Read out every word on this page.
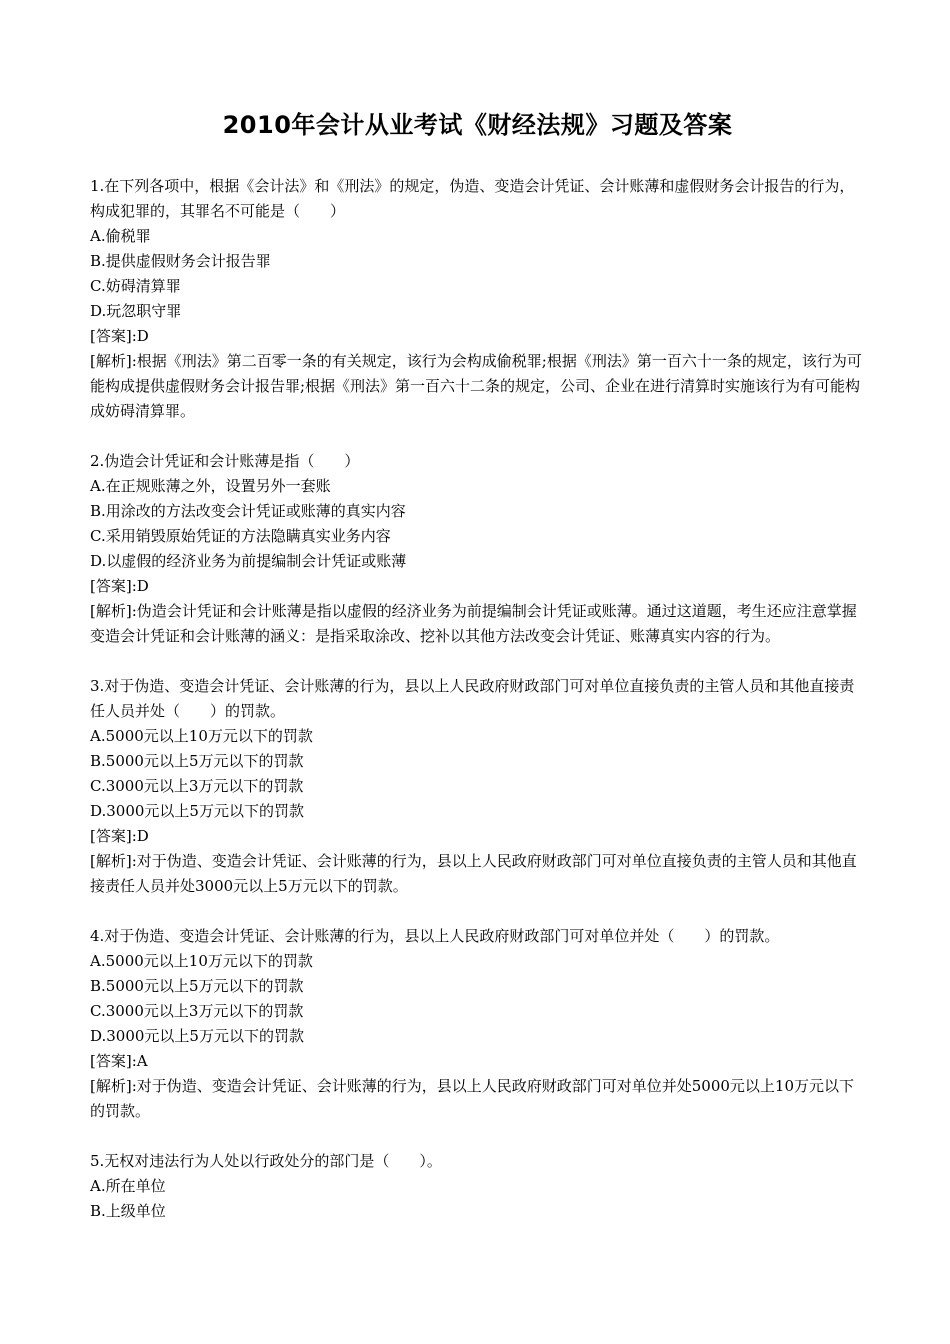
2010年会计从业考试《财经法规》习题及答案

1.在下列各项中，根据《会计法》和《刑法》的规定，伪造、变造会计凭证、会计账薄和虚假财务会计报告的行为，构成犯罪的，其罪名不可能是（　　）

A.偷税罪

B.提供虚假财务会计报告罪

C.妨碍清算罪

D.玩忽职守罪

[答案]:D

[解析]:根据《刑法》第二百零一条的有关规定，该行为会构成偷税罪;根据《刑法》第一百六十一条的规定，该行为可能构成提供虚假财务会计报告罪;根据《刑法》第一百六十二条的规定，公司、企业在进行清算时实施该行为有可能构成妨碍清算罪。

2.伪造会计凭证和会计账薄是指（　　）

A.在正规账薄之外，设置另外一套账

B.用涂改的方法改变会计凭证或账薄的真实内容

C.采用销毁原始凭证的方法隐瞒真实业务内容

D.以虚假的经济业务为前提编制会计凭证或账薄

[答案]:D

[解析]:伪造会计凭证和会计账薄是指以虚假的经济业务为前提编制会计凭证或账薄。通过这道题，考生还应注意掌握变造会计凭证和会计账薄的涵义：是指采取涂改、挖补以其他方法改变会计凭证、账薄真实内容的行为。

3.对于伪造、变造会计凭证、会计账薄的行为，县以上人民政府财政部门可对单位直接负责的主管人员和其他直接责任人员并处（　　）的罚款。

A.5000元以上10万元以下的罚款

B.5000元以上5万元以下的罚款

C.3000元以上3万元以下的罚款

D.3000元以上5万元以下的罚款

[答案]:D

[解析]:对于伪造、变造会计凭证、会计账薄的行为，县以上人民政府财政部门可对单位直接负责的主管人员和其他直接责任人员并处3000元以上5万元以下的罚款。

4.对于伪造、变造会计凭证、会计账薄的行为，县以上人民政府财政部门可对单位并处（　　）的罚款。

A.5000元以上10万元以下的罚款

B.5000元以上5万元以下的罚款

C.3000元以上3万元以下的罚款

D.3000元以上5万元以下的罚款

[答案]:A

[解析]:对于伪造、变造会计凭证、会计账薄的行为，县以上人民政府财政部门可对单位并处5000元以上10万元以下的罚款。

5.无权对违法行为人处以行政处分的部门是（　　）。

A.所在单位

B.上级单位
